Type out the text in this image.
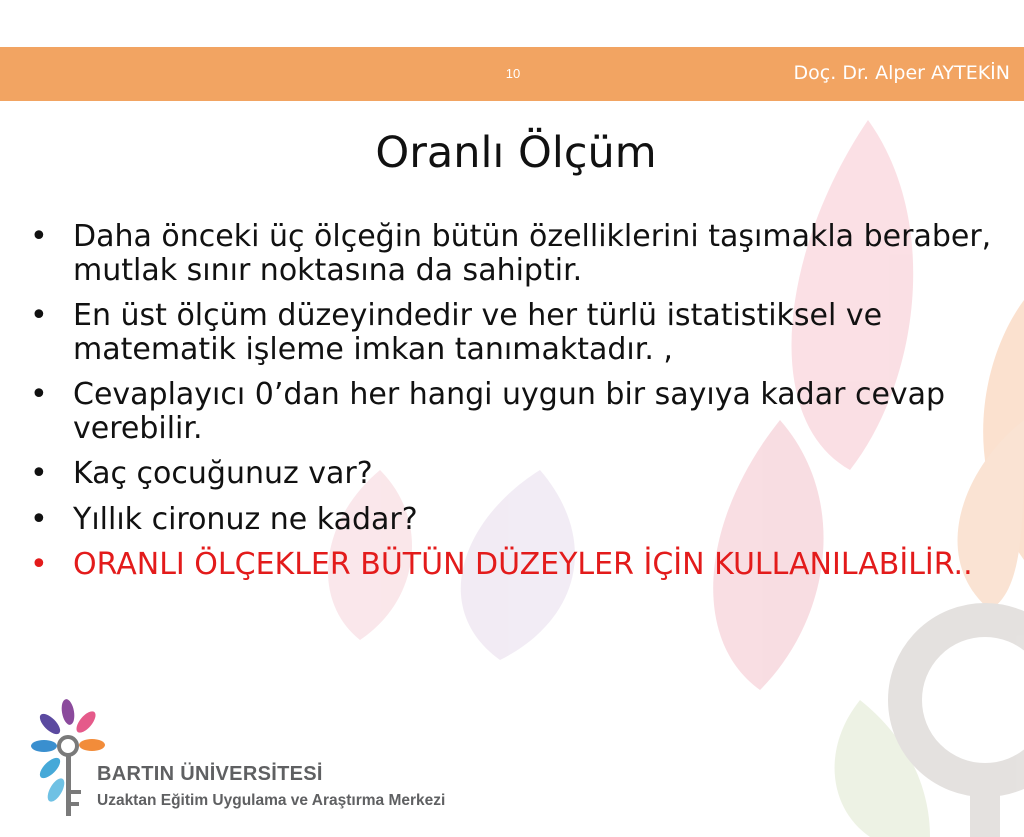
10	Doç. Dr. Alper AYTEKİN
Oranlı Ölçüm
• Daha önceki üç ölçeğin bütün özelliklerini taşımakla beraber, mutlak sınır noktasına da sahiptir.
• En üst ölçüm düzeyindedir ve her türlü istatistiksel ve matematik işleme imkan tanımaktadır. ,
• Cevaplayıcı 0’dan her hangi uygun bir sayıya kadar cevap verebilir.
• Kaç çocuğunuz var?
• Yıllık cironuz ne kadar?
• ORANLI ÖLÇEKLER BÜTÜN DÜZEYLER İÇİN KULLANILABİLİR..
BARTIN ÜNİVERSİTESİ
Uzaktan Eğitim Uygulama ve Araştırma Merkezi
